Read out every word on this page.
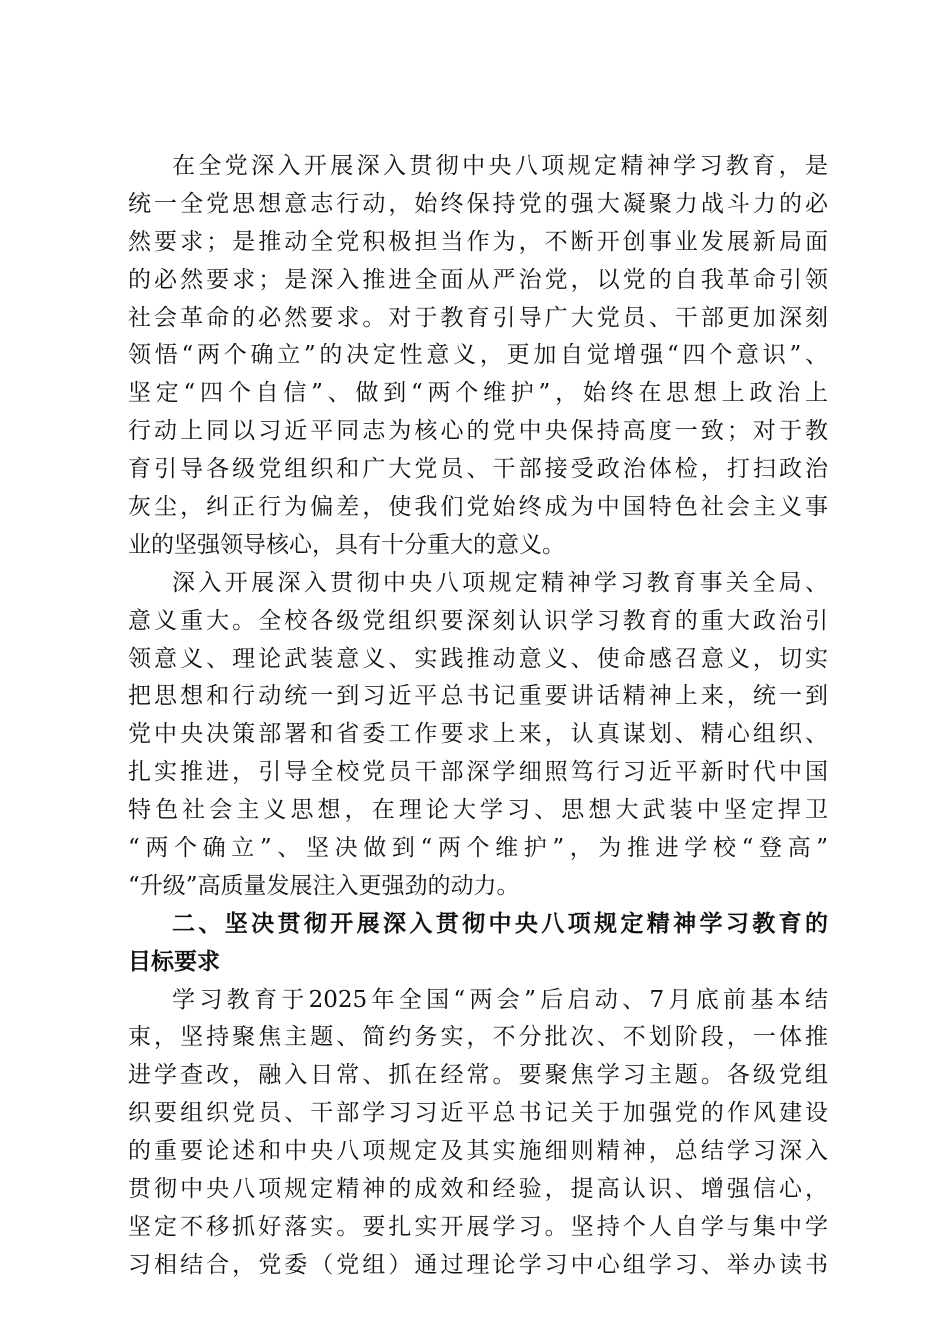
在全党深入开展深入贯彻中央八项规定精神学习教育，是
统一全党思想意志行动，始终保持党的强大凝聚力战斗力的必
然要求；是推动全党积极担当作为，不断开创事业发展新局面
的必然要求；是深入推进全面从严治党，以党的自我革命引领
社会革命的必然要求。对于教育引导广大党员、干部更加深刻
领悟“两个确立”的决定性意义，更加自觉增强“四个意识”、
坚定“四个自信”、做到“两个维护”，始终在思想上政治上
行动上同以习近平同志为核心的党中央保持高度一致；对于教
育引导各级党组织和广大党员、干部接受政治体检，打扫政治
灰尘，纠正行为偏差，使我们党始终成为中国特色社会主义事
业的坚强领导核心，具有十分重大的意义。
深入开展深入贯彻中央八项规定精神学习教育事关全局、
意义重大。全校各级党组织要深刻认识学习教育的重大政治引
领意义、理论武装意义、实践推动意义、使命感召意义，切实
把思想和行动统一到习近平总书记重要讲话精神上来，统一到
党中央决策部署和省委工作要求上来，认真谋划、精心组织、
扎实推进，引导全校党员干部深学细照笃行习近平新时代中国
特色社会主义思想，在理论大学习、思想大武装中坚定捍卫
“两个确立”、坚决做到“两个维护”，为推进学校“登高”
“升级”高质量发展注入更强劲的动力。
二、坚决贯彻开展深入贯彻中央八项规定精神学习教育的
目标要求
学习教育于2025年全国“两会”后启动、7月底前基本结
束，坚持聚焦主题、简约务实，不分批次、不划阶段，一体推
进学查改，融入日常、抓在经常。要聚焦学习主题。各级党组
织要组织党员、干部学习习近平总书记关于加强党的作风建设
的重要论述和中央八项规定及其实施细则精神，总结学习深入
贯彻中央八项规定精神的成效和经验，提高认识、增强信心，
坚定不移抓好落实。要扎实开展学习。坚持个人自学与集中学
习相结合，党委（党组）通过理论学习中心组学习、举办读书
